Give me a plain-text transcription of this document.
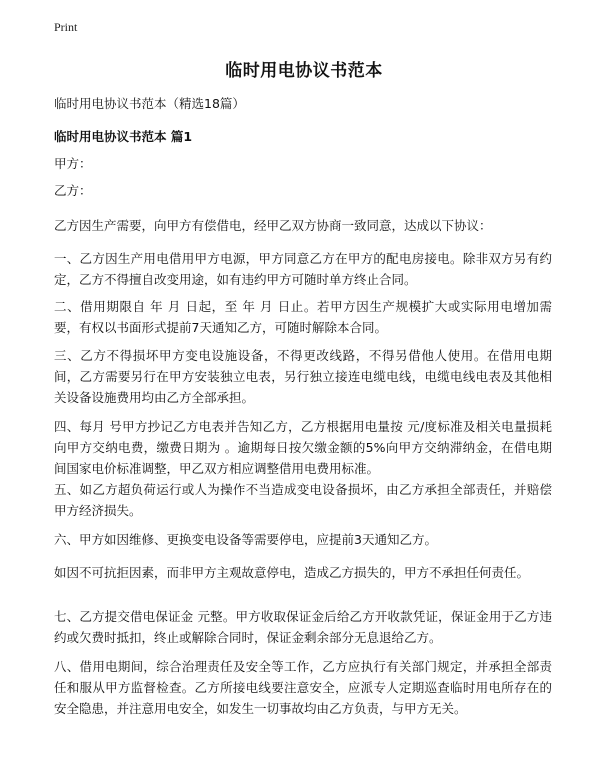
Print
临时用电协议书范本
临时用电协议书范本（精选18篇）
临时用电协议书范本 篇1
甲方：
乙方：
乙方因生产需要，向甲方有偿借电，经甲乙双方协商一致同意，达成以下协议：
一、乙方因生产用电借用甲方电源，甲方同意乙方在甲方的配电房接电。除非双方另有约定，乙方不得擅自改变用途，如有违约甲方可随时单方终止合同。
二、借用期限自 年 月 日起，至 年 月 日止。若甲方因生产规模扩大或实际用电增加需要，有权以书面形式提前7天通知乙方，可随时解除本合同。
三、乙方不得损坏甲方变电设施设备，不得更改线路，不得另借他人使用。在借用电期间，乙方需要另行在甲方安装独立电表，另行独立接连电缆电线，电缆电线电表及其他相关设备设施费用均由乙方全部承担。
四、每月 号甲方抄记乙方电表并告知乙方，乙方根据用电量按 元/度标准及相关电量损耗向甲方交纳电费，缴费日期为 。逾期每日按欠缴金额的5%向甲方交纳滞纳金，在借电期间国家电价标准调整，甲乙双方相应调整借用电费用标准。
五、如乙方超负荷运行或人为操作不当造成变电设备损坏，由乙方承担全部责任，并赔偿甲方经济损失。
六、甲方如因维修、更换变电设备等需要停电，应提前3天通知乙方。
如因不可抗拒因素，而非甲方主观故意停电，造成乙方损失的，甲方不承担任何责任。
七、乙方提交借电保证金 元整。甲方收取保证金后给乙方开收款凭证，保证金用于乙方违约或欠费时抵扣，终止或解除合同时，保证金剩余部分无息退给乙方。
八、借用电期间，综合治理责任及安全等工作，乙方应执行有关部门规定，并承担全部责任和服从甲方监督检查。乙方所接电线要注意安全，应派专人定期巡查临时用电所存在的安全隐患，并注意用电安全，如发生一切事故均由乙方负责，与甲方无关。
